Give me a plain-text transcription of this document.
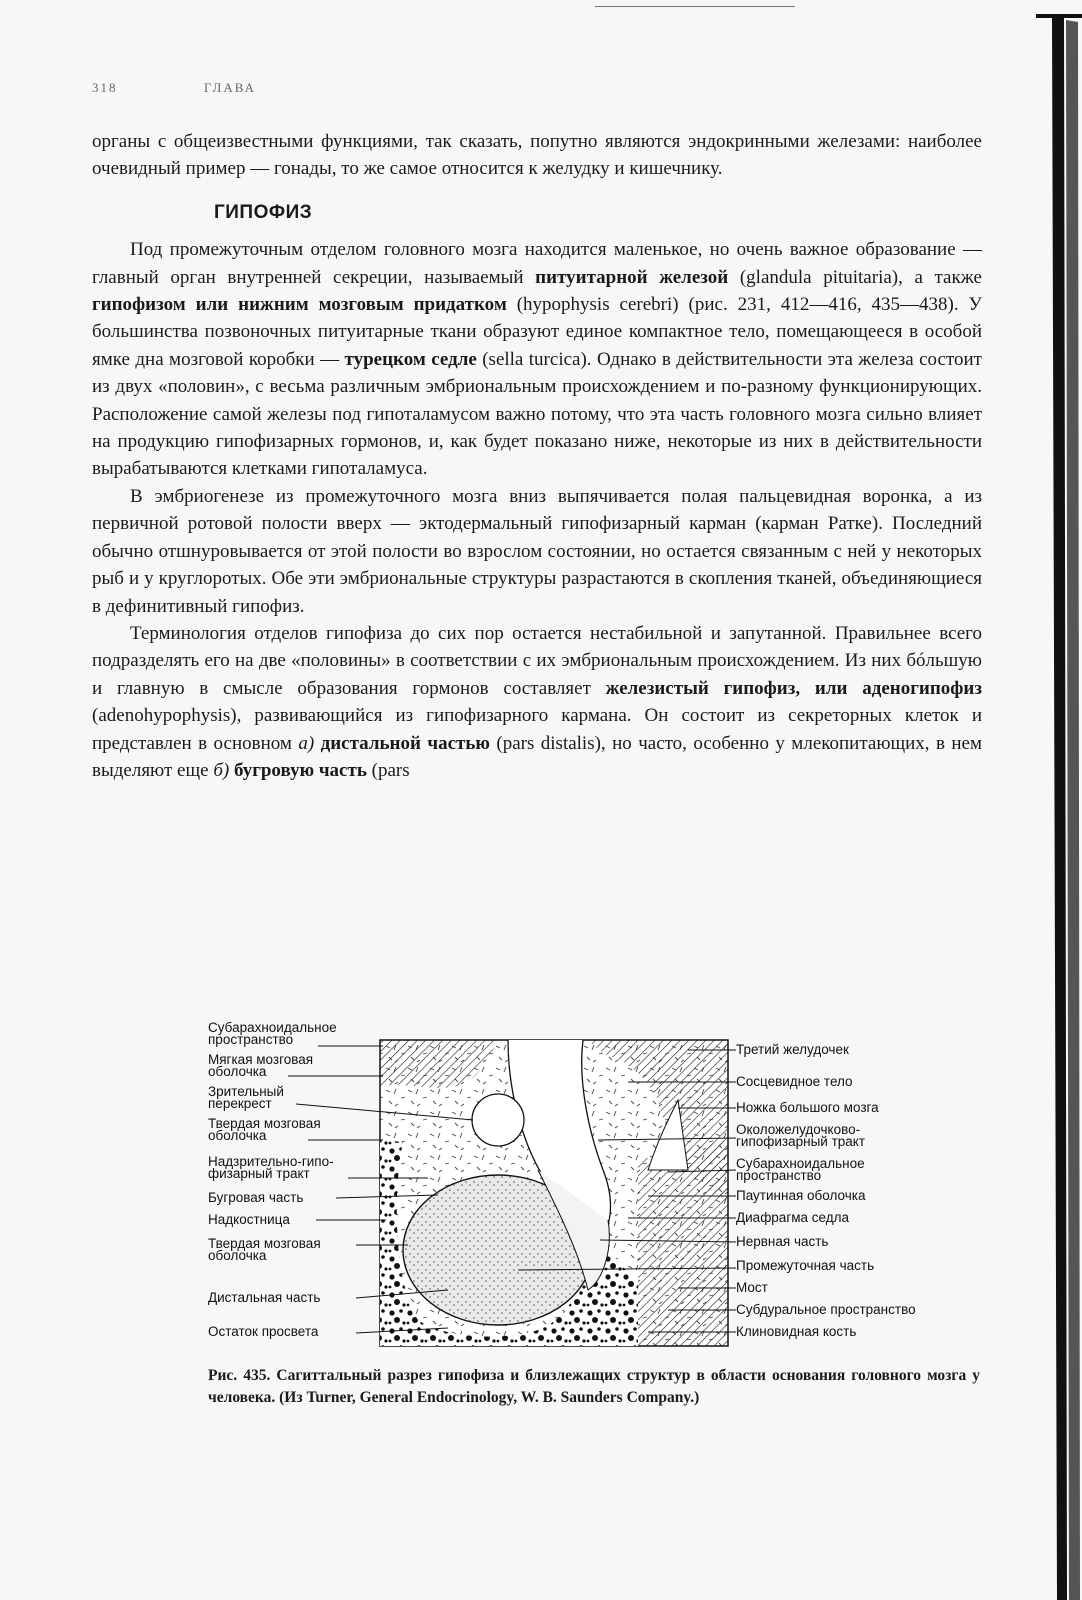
318	ГЛАВА

органы с общеизвестными функциями, так сказать, попутно являются эндокринными железами: наиболее очевидный пример — гонады, то же самое относится к желудку и кишечнику.

ГИПОФИЗ

Под промежуточным отделом головного мозга находится маленькое, но очень важное образование — главный орган внутренней секреции, называемый питуитарной железой (glandula pituitaria), а также гипофизом или нижним мозговым придатком (hypophysis cerebri) (рис. 231, 412—416, 435—438). У большинства позвоночных питуитарные ткани образуют единое компактное тело, помещающееся в особой ямке дна мозговой коробки — турецком седле (sella turcica). Однако в действительности эта железа состоит из двух «половин», с весьма различным эмбриональным происхождением и по-разному функционирующих. Расположение самой железы под гипоталамусом важно потому, что эта часть головного мозга сильно влияет на продукцию гипофизарных гормонов, и, как будет показано ниже, некоторые из них в действительности вырабатываются клетками гипоталамуса.

В эмбриогенезе из промежуточного мозга вниз выпячивается полая пальцевидная воронка, а из первичной ротовой полости вверх — эктодермальный гипофизарный карман (карман Ратке). Последний обычно отшнуровывается от этой полости во взрослом состоянии, но остается связанным с ней у некоторых рыб и у круглоротых. Обе эти эмбриональные структуры разрастаются в скопления тканей, объединяющиеся в дефинитивный гипофиз.

Терминология отделов гипофиза до сих пор остается нестабильной и запутанной. Правильнее всего подразделять его на две «половины» в соответствии с их эмбриональным происхождением. Из них бóльшую и главную в смысле образования гормонов составляет железистый гипофиз, или аденогипофиз (adenohypophysis), развивающийся из гипофизарного кармана. Он состоит из секреторных клеток и представлен в основном а) дистальной частью (pars distalis), но часто, особенно у млекопитающих, в нем выделяют еще б) бугровую часть (pars

Субарахноидальное
пространство
Мягкая мозговая
оболочка
Зрительный
перекрест
Твердая мозговая
оболочка
Надзрительно-гипо-
физарный тракт
Бугровая часть
Надкостница
Твердая мозговая
оболочка
Дистальная часть
Остаток просвета
Третий желудочек
Сосцевидное тело
Ножка большого мозга
Околожелудочково-
гипофизарный тракт
Субарахноидальное
пространство
Паутинная оболочка
Диафрагма седла
Нервная часть
Промежуточная часть
Мост
Субдуральное пространство
Клиновидная кость
Рис. 435. Сагиттальный разрез гипофиза и близлежащих структур в области основания головного мозга у человека. (Из Turner, General Endocrinology, W. B. Saunders Company.)
